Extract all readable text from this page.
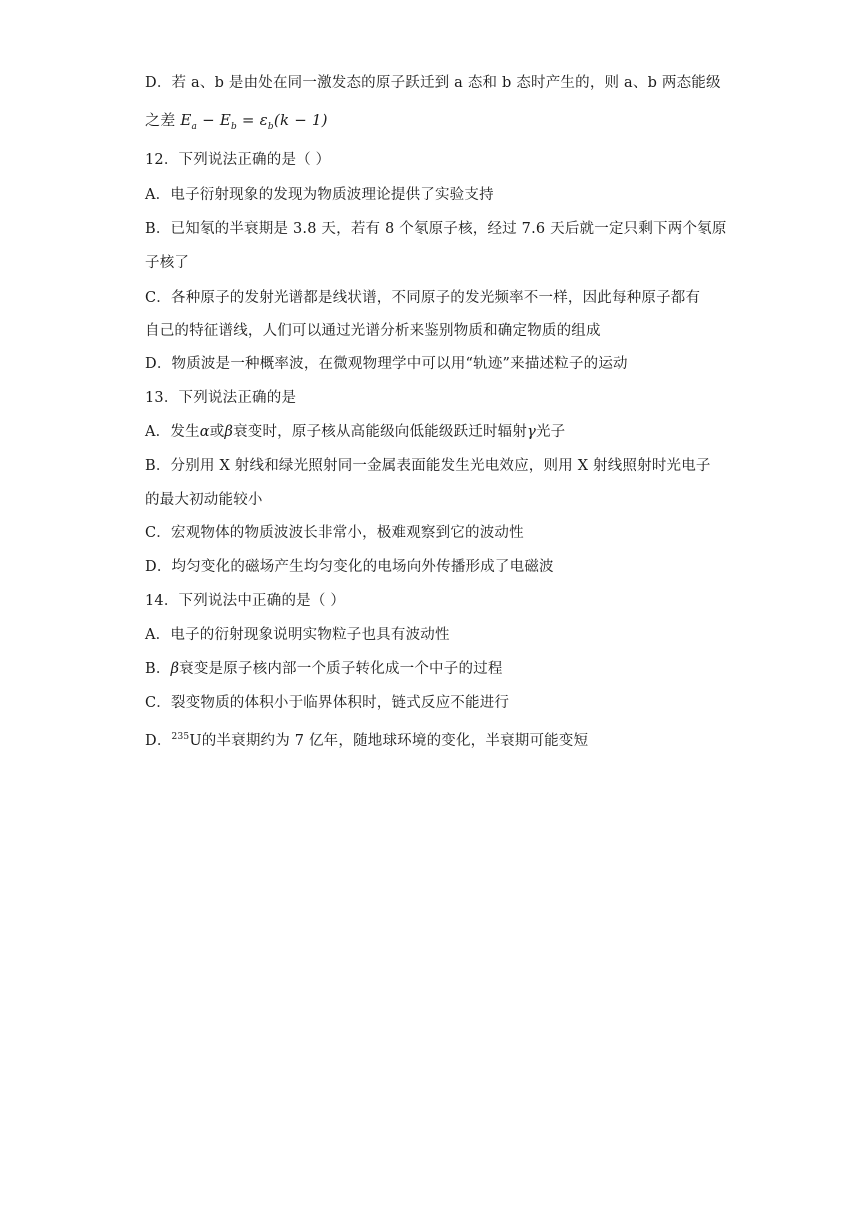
D．若 a、b 是由处在同一激发态的原子跃迁到 a 态和 b 态时产生的，则 a、b 两态能级
之差 $E_a - E_b = \varepsilon_b(k - 1)$
12．下列说法正确的是（ ）
A．电子衍射现象的发现为物质波理论提供了实验支持
B．已知氡的半衰期是 3.8 天，若有 8 个氡原子核，经过 7.6 天后就一定只剩下两个氡原
子核了
C．各种原子的发射光谱都是线状谱，不同原子的发光频率不一样，因此每种原子都有
自己的特征谱线，人们可以通过光谱分析来鉴别物质和确定物质的组成
D．物质波是一种概率波，在微观物理学中可以用“轨迹”来描述粒子的运动
13．下列说法正确的是
A．发生α或β衰变时，原子核从高能级向低能级跃迁时辐射γ光子
B．分别用 X 射线和绿光照射同一金属表面能发生光电效应，则用 X 射线照射时光电子
的最大初动能较小
C．宏观物体的物质波波长非常小，极难观察到它的波动性
D．均匀变化的磁场产生均匀变化的电场向外传播形成了电磁波
14．下列说法中正确的是（ ）
A．电子的衍射现象说明实物粒子也具有波动性
B．β衰变是原子核内部一个质子转化成一个中子的过程
C．裂变物质的体积小于临界体积时，链式反应不能进行
D．$^{235}$U的半衰期约为 7 亿年，随地球环境的变化，半衰期可能变短
